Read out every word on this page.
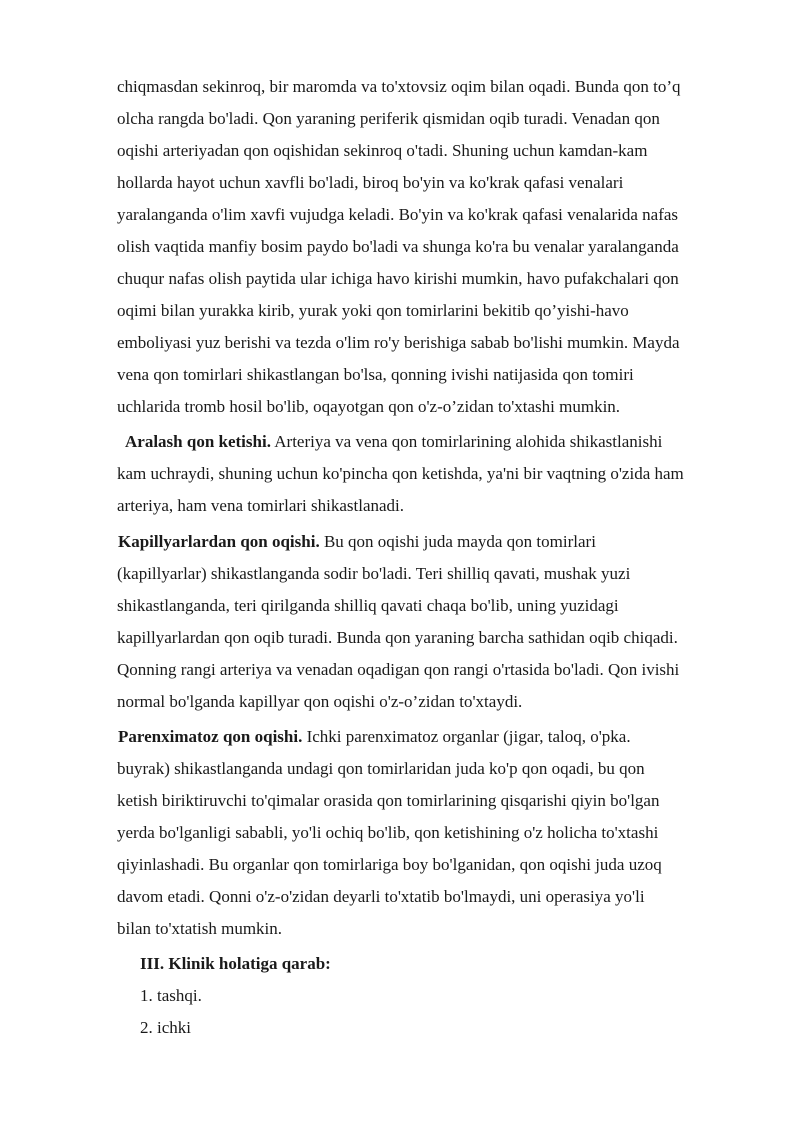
chiqmasdan sekinroq, bir maromda va to'xtovsiz oqim bilan oqadi. Bunda qon to’q
olcha rangda bo'ladi. Qon yaraning periferik qismidan oqib turadi. Venadan qon
oqishi arteriyadan qon oqishidan sekinroq o'tadi. Shuning uchun kamdan-kam
hollarda hayot uchun xavfli bo'ladi, biroq bo'yin va ko'krak qafasi venalari
yaralanganda o'lim xavfi vujudga keladi. Bo'yin va ko'krak qafasi venalarida nafas
olish vaqtida manfiy bosim paydo bo'ladi va shunga ko'ra bu venalar yaralanganda
chuqur nafas olish paytida ular ichiga havo kirishi mumkin, havo pufakchalari qon
oqimi bilan yurakka kirib, yurak yoki qon tomirlarini bekitib qo’yishi-havo
emboliyasi yuz berishi va tezda o'lim ro'y berishiga sabab bo'lishi mumkin. Mayda
vena qon tomirlari shikastlangan bo'lsa, qonning ivishi natijasida qon tomiri
uchlarida tromb hosil bo'lib, oqayotgan qon o'z-o’zidan to'xtashi mumkin.
Aralash qon ketishi. Arteriya va vena qon tomirlarining alohida shikastlanishi
kam uchraydi, shuning uchun ko'pincha qon ketishda, ya'ni bir vaqtning o'zida ham
arteriya, ham vena tomirlari shikastlanadi.
Kapillyarlardan qon oqishi. Bu qon oqishi juda mayda qon tomirlari
(kapillyarlar) shikastlanganda sodir bo'ladi. Teri shilliq qavati, mushak yuzi
shikastlanganda, teri qirilganda shilliq qavati chaqa bo'lib, uning yuzidagi
kapillyarlardan qon oqib turadi. Bunda qon yaraning barcha sathidan oqib chiqadi.
Qonning rangi arteriya va venadan oqadigan qon rangi o'rtasida bo'ladi. Qon ivishi
normal bo'lganda kapillyar qon oqishi o'z-o’zidan to'xtaydi.
Parenximatoz qon oqishi. Ichki parenximatoz organlar (jigar, taloq, o'pka.
buyrak) shikastlanganda undagi qon tomirlaridan juda ko'p qon oqadi, bu qon
ketish biriktiruvchi to'qimalar orasida qon tomirlarining qisqarishi qiyin bo'lgan
yerda bo'lganligi sababli, yo'li ochiq bo'lib, qon ketishining o'z holicha to'xtashi
qiyinlashadi. Bu organlar qon tomirlariga boy bo'lganidan, qon oqishi juda uzoq
davom etadi. Qonni o'z-o'zidan deyarli to'xtatib bo'lmaydi, uni operasiya yo'li
bilan to'xtatish mumkin.
III. Klinik holatiga qarab:
1. tashqi.
2. ichki
